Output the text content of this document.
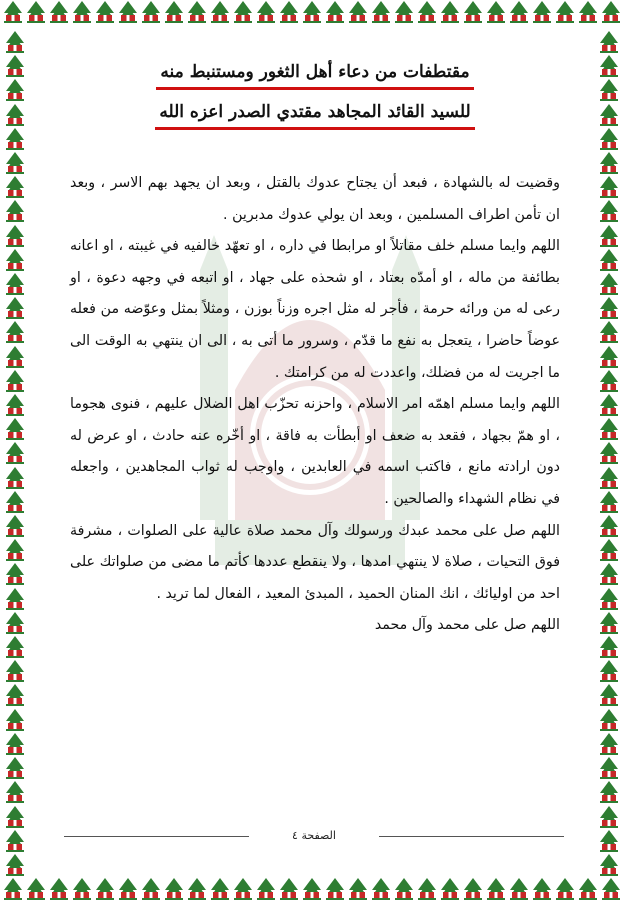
مقتطفات من دعاء أهل الثغور ومستنبط منه
للسيد القائد المجاهد مقتدي الصدر اعزه الله

وقضيت له بالشهادة ، فبعد أن يجتاح عدوك بالقتل ، وبعد ان يجهد بهم الاسر ، وبعد ان تأمن اطراف المسلمين ، وبعد ان يولي عدوك مدبرين .

اللهم وايما مسلم خلف مقاتلاً او مرابطا في داره ، او تعهّد خالفيه في غيبته ، او اعانه بطائفة من ماله ، او أمدّه بعتاد ، او شحذه على جهاد ، او اتبعه في وجهه دعوة ، او رعى له من ورائه حرمة ، فأجر له مثل اجره وزناً بوزن ، ومثلاً بمثل وعوّضه من فعله عوضاً حاضرا ، يتعجل به نفع ما قدّم ، وسرور ما أتى به ، الى ان ينتهي به الوقت الى ما اجريت له من فضلك، واعددت له من كرامتك .

اللهم وايما مسلم اهمّه امر الاسلام ، واحزنه تحزّب اهل الضلال عليهم ، فنوى هجوما ، او همّ بجهاد ، فقعد به ضعف او أبطأت به فاقة ، او أخّره عنه حادث ، او عرض له دون ارادته مانع ، فاكتب اسمه في العابدين ، واوجب له ثواب المجاهدين ، واجعله في نظام الشهداء والصالحين .

اللهم صل على محمد عبدك ورسولك وآل محمد صلاة عالية على الصلوات ، مشرفة فوق التحيات ، صلاة لا ينتهي امدها ، ولا ينقطع عددها كأتم ما مضى من صلواتك على احد من اوليائك ، انك المنان الحميد ، المبدئ المعيد ، الفعال لما تريد .

اللهم صل على محمد وآل محمد

الصفحة ٤
